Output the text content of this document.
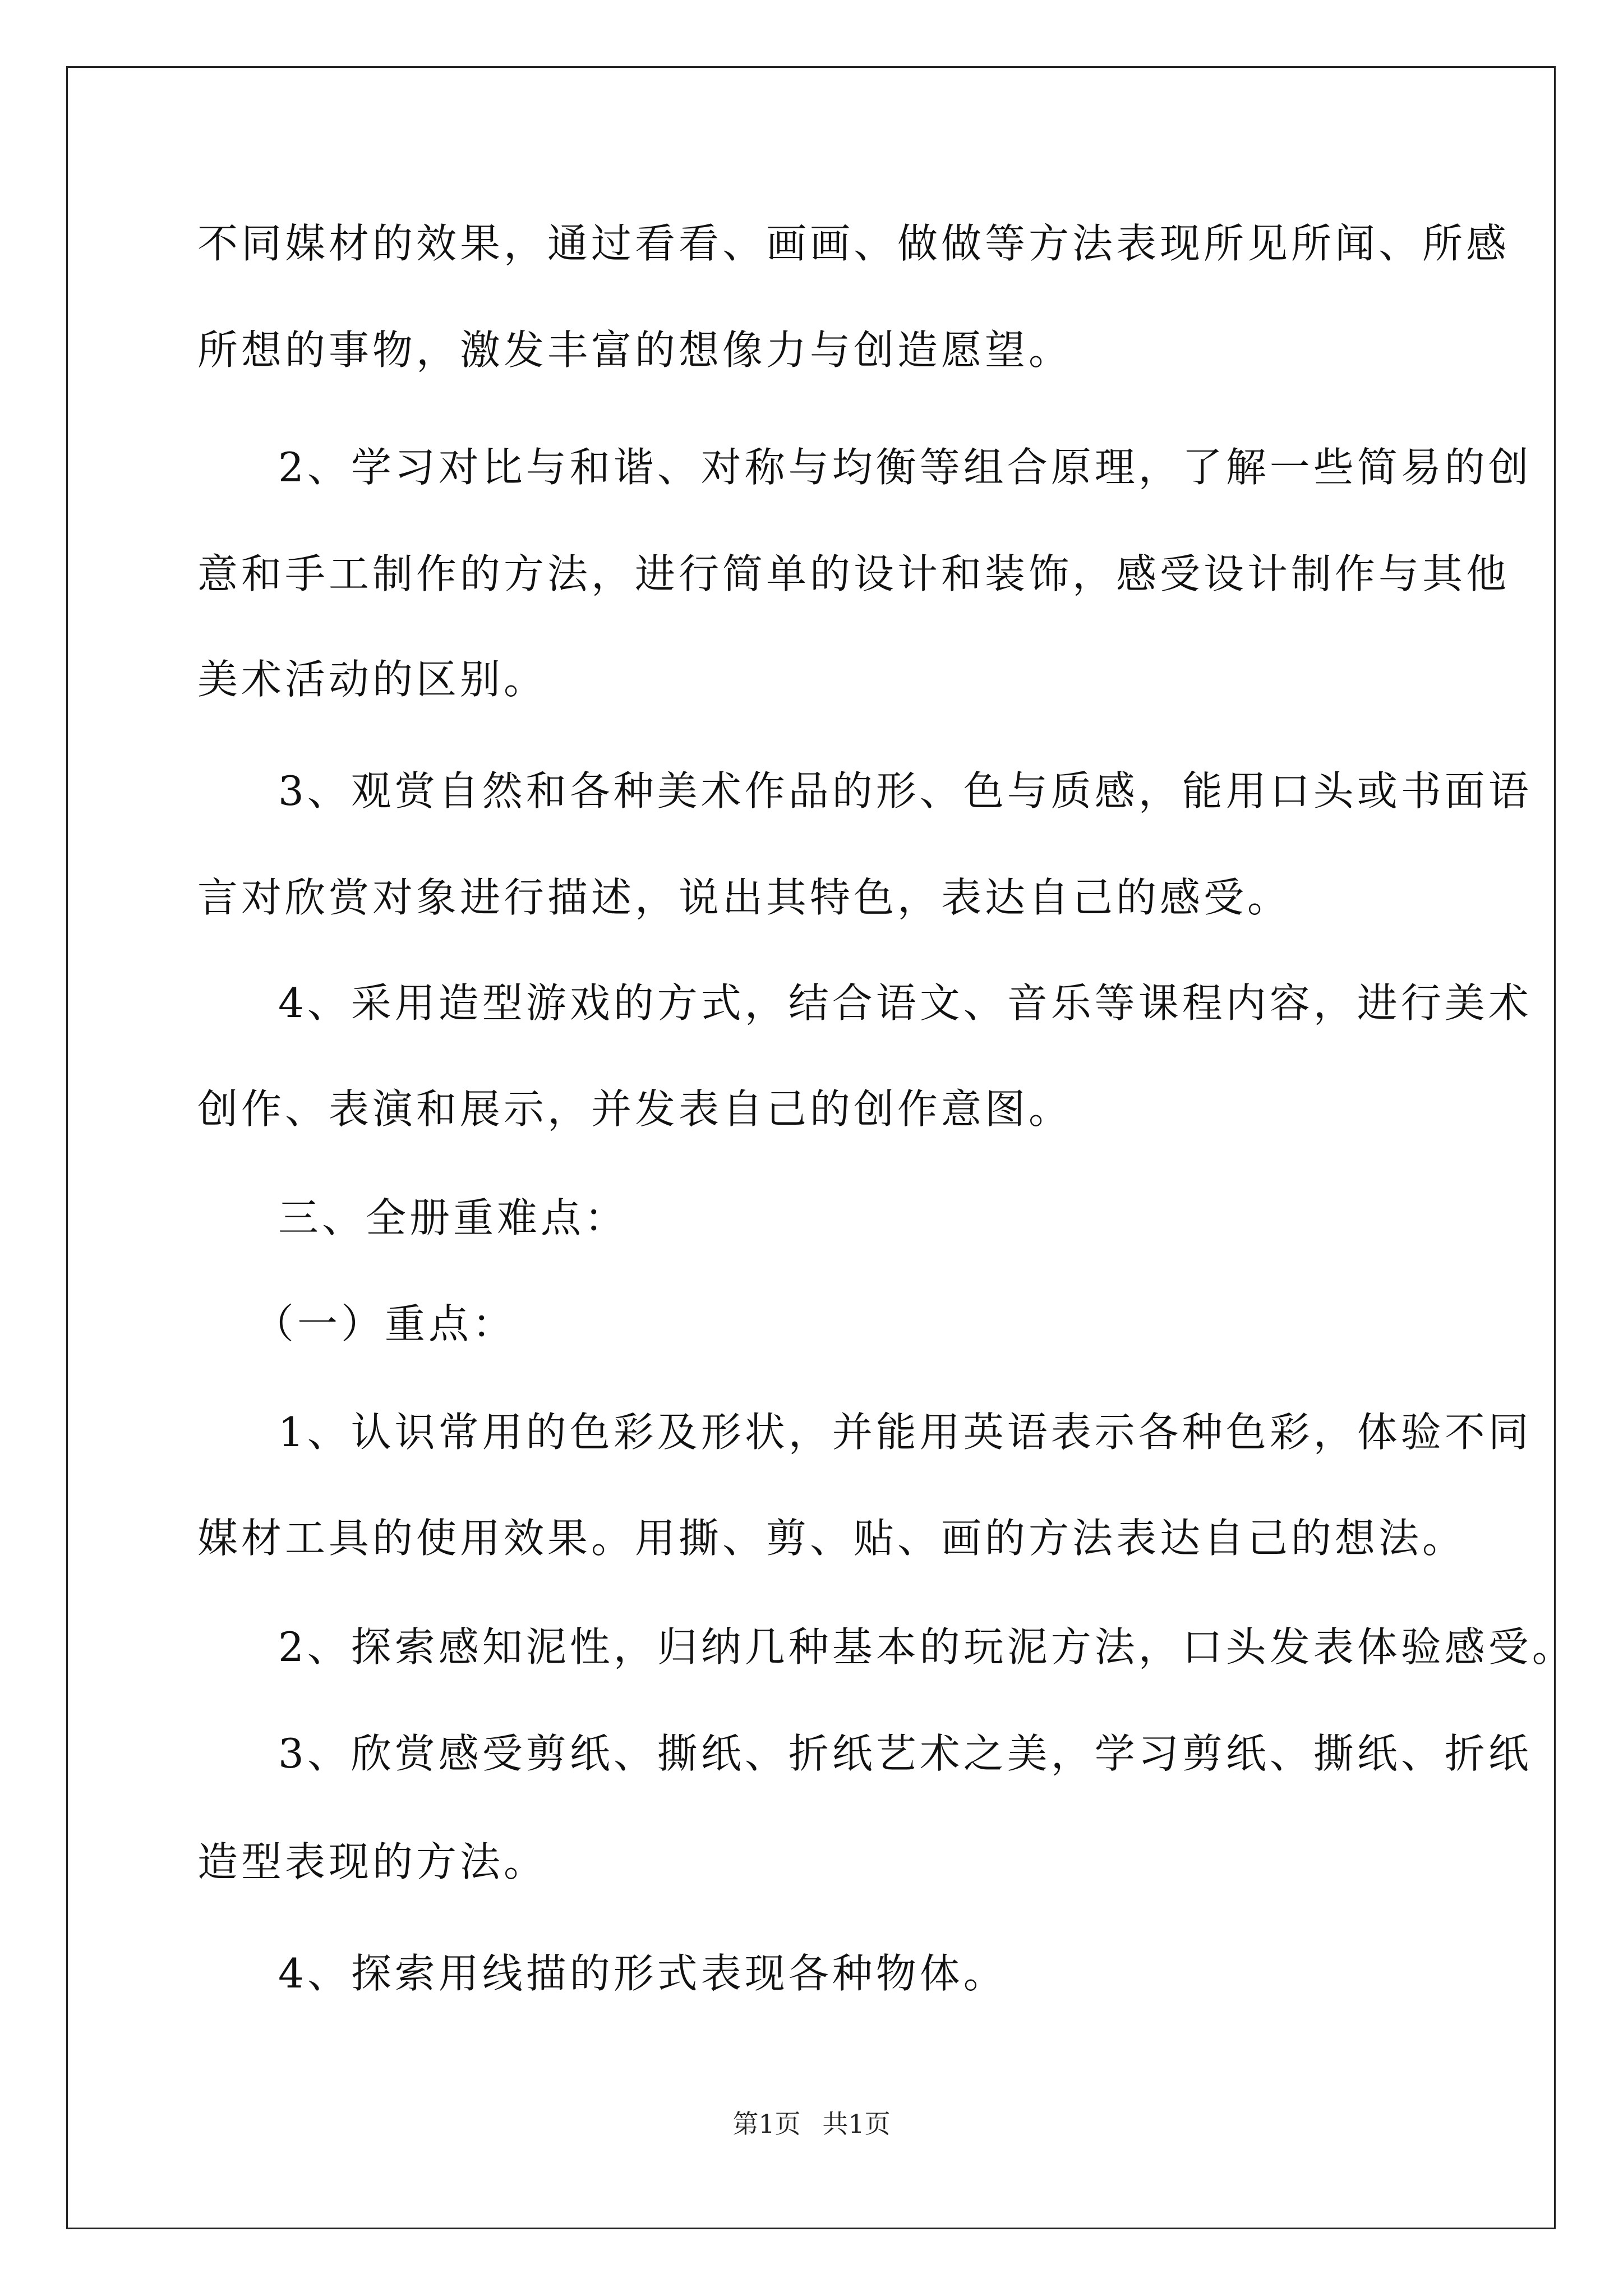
不同媒材的效果，通过看看、画画、做做等方法表现所见所闻、所感
所想的事物，激发丰富的想像力与创造愿望。
2、学习对比与和谐、对称与均衡等组合原理，了解一些简易的创
意和手工制作的方法，进行简单的设计和装饰，感受设计制作与其他
美术活动的区别。
3、观赏自然和各种美术作品的形、色与质感，能用口头或书面语
言对欣赏对象进行描述，说出其特色，表达自己的感受。
4、采用造型游戏的方式，结合语文、音乐等课程内容，进行美术
创作、表演和展示，并发表自己的创作意图。
三、全册重难点：
（一）重点：
1、认识常用的色彩及形状，并能用英语表示各种色彩，体验不同
媒材工具的使用效果。用撕、剪、贴、画的方法表达自己的想法。
2、探索感知泥性，归纳几种基本的玩泥方法，口头发表体验感受。
3、欣赏感受剪纸、撕纸、折纸艺术之美，学习剪纸、撕纸、折纸
造型表现的方法。
4、探索用线描的形式表现各种物体。
第1页 共1页
